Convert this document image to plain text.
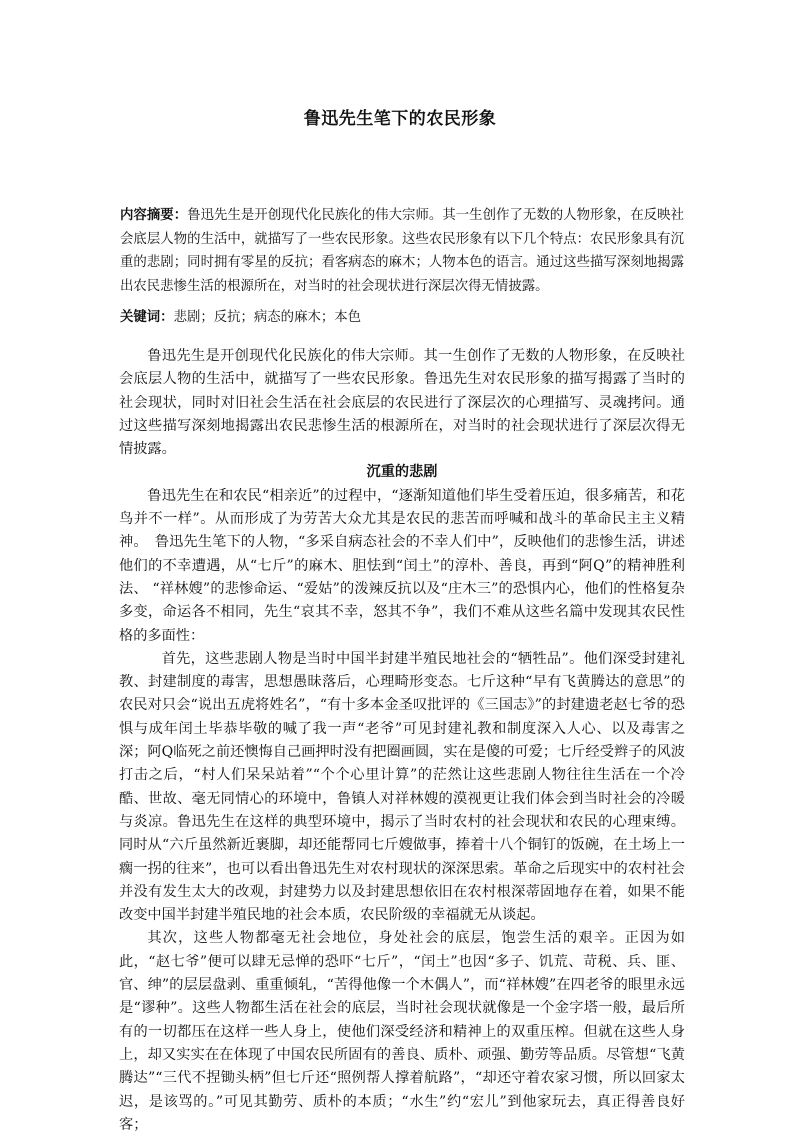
鲁迅先生笔下的农民形象
内容摘要：鲁迅先生是开创现代化民族化的伟大宗师。其一生创作了无数的人物形象，在反映社会底层人物的生活中，就描写了一些农民形象。这些农民形象有以下几个特点：农民形象具有沉重的悲剧；同时拥有零星的反抗；看客病态的麻木；人物本色的语言。通过这些描写深刻地揭露出农民悲惨生活的根源所在，对当时的社会现状进行深层次得无情披露。
关键词：悲剧；反抗；病态的麻木；本色

鲁迅先生是开创现代化民族化的伟大宗师。其一生创作了无数的人物形象，在反映社会底层人物的生活中，就描写了一些农民形象。鲁迅先生对农民形象的描写揭露了当时的社会现状，同时对旧社会生活在社会底层的农民进行了深层次的心理描写、灵魂拷问。通过这些描写深刻地揭露出农民悲惨生活的根源所在，对当时的社会现状进行了深层次得无情披露。

沉重的悲剧

鲁迅先生在和农民“相亲近”的过程中，“逐渐知道他们毕生受着压迫，很多痛苦，和花鸟并不一样”。从而形成了为劳苦大众尤其是农民的悲苦而呼喊和战斗的革命民主主义精神。　鲁迅先生笔下的人物，“多采自病态社会的不幸人们中”，反映他们的悲惨生活，讲述他们的不幸遭遇，从“七斤”的麻木、胆怯到“闰土”的淳朴、善良，再到“阿Q”的精神胜利法、 “祥林嫂”的悲惨命运、“爱姑”的泼辣反抗以及“庄木三”的恐惧内心，他们的性格复杂多变，命运各不相同，先生“哀其不幸，怒其不争”，我们不难从这些名篇中发现其农民性格的多面性：

首先，这些悲剧人物是当时中国半封建半殖民地社会的“牺牲品”。他们深受封建礼教、封建制度的毒害，思想愚昧落后，心理畸形变态。七斤这种“早有飞黄腾达的意思”的农民对只会“说出五虎将姓名”，“有十多本金圣叹批评的《三国志》”的封建遗老赵七爷的恐惧与成年闰土毕恭毕敬的喊了我一声“老爷”可见封建礼教和制度深入人心、以及毒害之深；阿Q临死之前还懊悔自己画押时没有把圈画圆，实在是傻的可爱；七斤经受辫子的风波打击之后，“村人们呆呆站着”“个个心里计算”的茫然让这些悲剧人物往往生活在一个冷酷、世故、毫无同情心的环境中，鲁镇人对祥林嫂的漠视更让我们体会到当时社会的冷暖与炎凉。鲁迅先生在这样的典型环境中，揭示了当时农村的社会现状和农民的心理束缚。同时从“六斤虽然新近裹脚，却还能帮同七斤嫂做事，捧着十八个铜钉的饭碗，在土场上一瘸一拐的往来”，也可以看出鲁迅先生对农村现状的深深思索。革命之后现实中的农村社会并没有发生太大的改观，封建势力以及封建思想依旧在农村根深蒂固地存在着，如果不能改变中国半封建半殖民地的社会本质，农民阶级的幸福就无从谈起。

其次，这些人物都毫无社会地位，身处社会的底层，饱尝生活的艰辛。正因为如此，“赵七爷”便可以肆无忌惮的恐吓“七斤”，“闰土”也因“多子、饥荒、苛税、兵、匪、官、绅”的层层盘剥、重重倾轧，“苦得他像一个木偶人”，而“祥林嫂”在四老爷的眼里永远是“谬种”。这些人物都生活在社会的底层，当时社会现状就像是一个金字塔一般，最后所有的一切都压在这样一些人身上，使他们深受经济和精神上的双重压榨。但就在这些人身上，却又实实在在体现了中国农民所固有的善良、质朴、顽强、勤劳等品质。尽管想“飞黄腾达”“三代不捏锄头柄”但七斤还“照例帮人撑着航路”，“却还守着农家习惯，所以回家太迟，是该骂的。”可见其勤劳、质朴的本质；“水生”约“宏儿”到他家玩去，真正得善良好客；
